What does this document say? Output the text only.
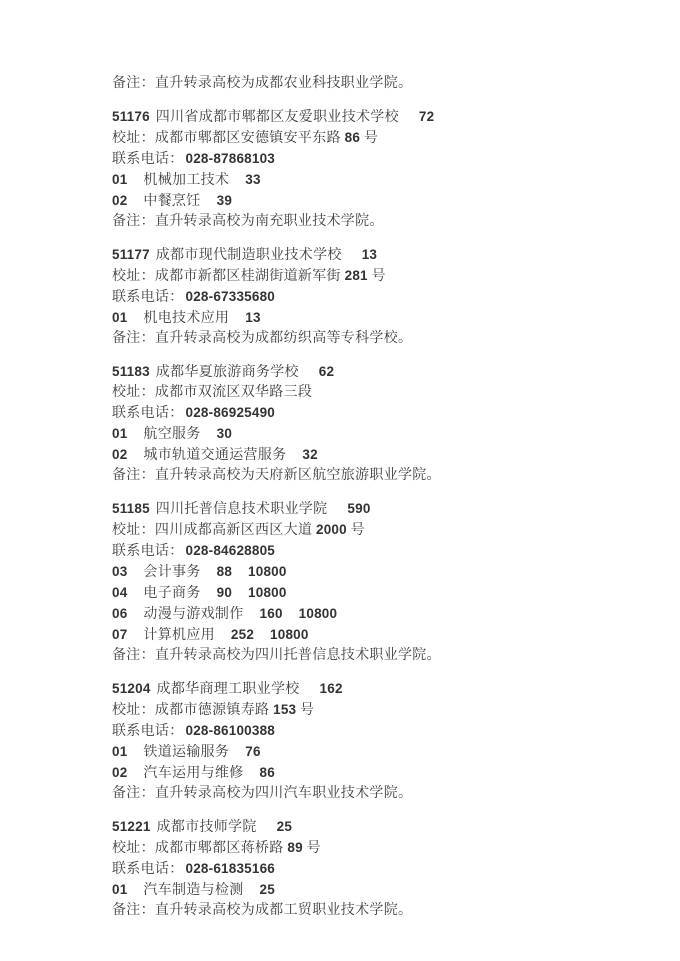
备注：直升转录高校为成都农业科技职业学院。
51176 四川省成都市郫都区友爱职业技术学校 72
校址：成都市郫都区安德镇安平东路 86 号
联系电话： 028-87868103
01 机械加工技术 33
02 中餐烹饪 39
备注：直升转录高校为南充职业技术学院。
51177 成都市现代制造职业技术学校 13
校址：成都市新都区桂湖街道新军街 281 号
联系电话： 028-67335680
01 机电技术应用 13
备注：直升转录高校为成都纺织高等专科学校。
51183 成都华夏旅游商务学校 62
校址：成都市双流区双华路三段
联系电话： 028-86925490
01 航空服务 30
02 城市轨道交通运营服务 32
备注：直升转录高校为天府新区航空旅游职业学院。
51185 四川托普信息技术职业学院 590
校址：四川成都高新区西区大道 2000 号
联系电话： 028-84628805
03 会计事务 88 10800
04 电子商务 90 10800
06 动漫与游戏制作 160 10800
07 计算机应用 252 10800
备注：直升转录高校为四川托普信息技术职业学院。
51204 成都华商理工职业学校 162
校址：成都市德源镇寿路 153 号
联系电话： 028-86100388
01 铁道运输服务 76
02 汽车运用与维修 86
备注：直升转录高校为四川汽车职业技术学院。
51221 成都市技师学院 25
校址：成都市郫都区蒋桥路 89 号
联系电话： 028-61835166
01 汽车制造与检测 25
备注：直升转录高校为成都工贸职业技术学院。
